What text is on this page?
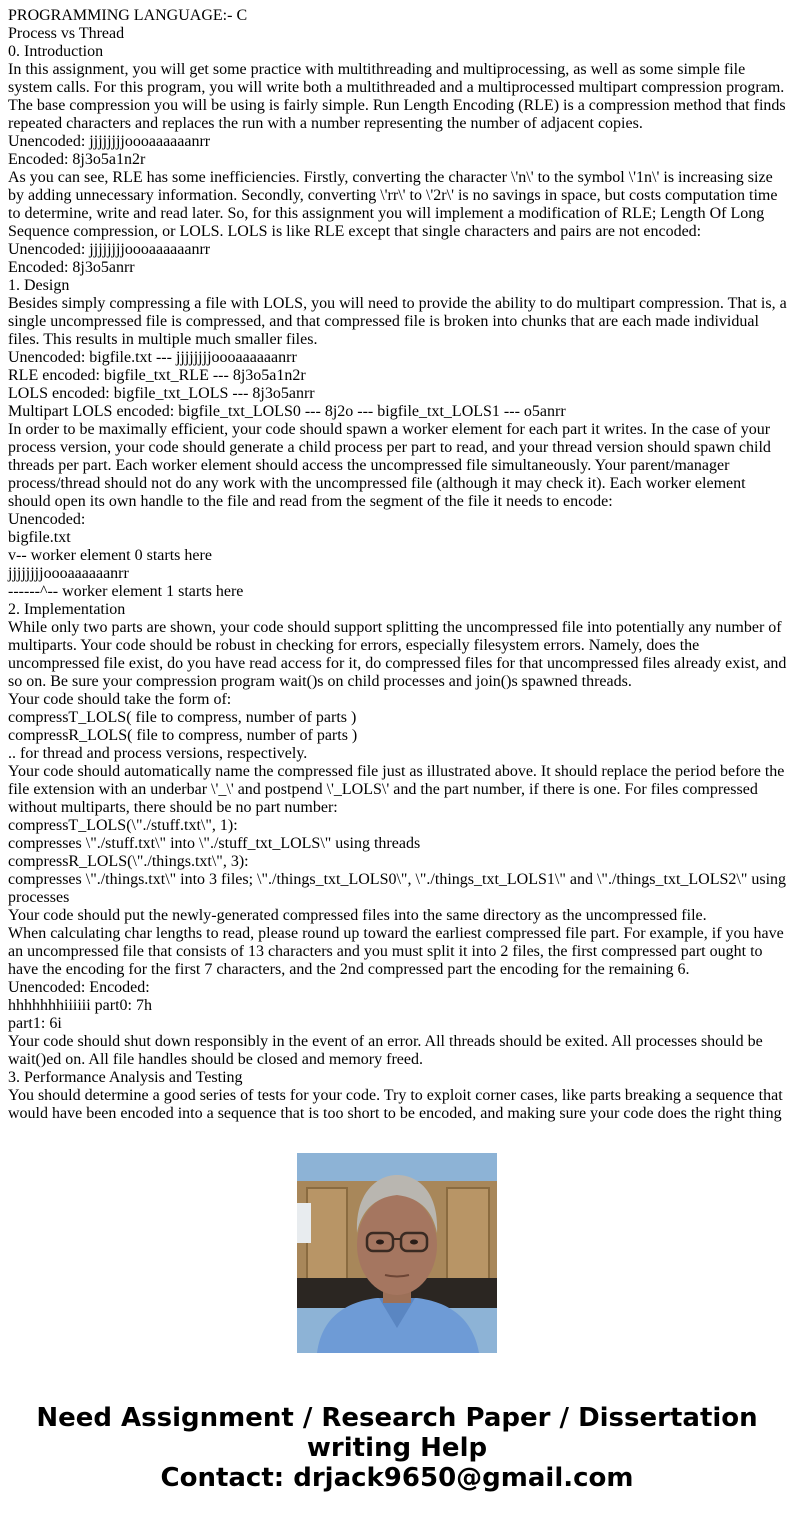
PROGRAMMING LANGUAGE:- C
Process vs Thread
0. Introduction
In this assignment, you will get some practice with multithreading and multiprocessing, as well as some simple file system calls. For this program, you will write both a multithreaded and a multiprocessed multipart compression program. The base compression you will be using is fairly simple. Run Length Encoding (RLE) is a compression method that finds repeated characters and replaces the run with a number representing the number of adjacent copies.
Unencoded: jjjjjjjjoooaaaaaanrr
Encoded: 8j3o5a1n2r
As you can see, RLE has some inefficiencies. Firstly, converting the character \'n\' to the symbol \'1n\' is increasing size by adding unnecessary information. Secondly, converting \'rr\' to \'2r\' is no savings in space, but costs computation time to determine, write and read later. So, for this assignment you will implement a modification of RLE; Length Of Long Sequence compression, or LOLS. LOLS is like RLE except that single characters and pairs are not encoded:
Unencoded: jjjjjjjjoooaaaaaanrr
Encoded: 8j3o5anrr
1. Design
Besides simply compressing a file with LOLS, you will need to provide the ability to do multipart compression. That is, a single uncompressed file is compressed, and that compressed file is broken into chunks that are each made individual files. This results in multiple much smaller files.
Unencoded: bigfile.txt --- jjjjjjjjoooaaaaaanrr
RLE encoded: bigfile_txt_RLE --- 8j3o5a1n2r
LOLS encoded: bigfile_txt_LOLS --- 8j3o5anrr
Multipart LOLS encoded: bigfile_txt_LOLS0 --- 8j2o --- bigfile_txt_LOLS1 --- o5anrr
In order to be maximally efficient, your code should spawn a worker element for each part it writes. In the case of your process version, your code should generate a child process per part to read, and your thread version should spawn child threads per part. Each worker element should access the uncompressed file simultaneously. Your parent/manager process/thread should not do any work with the uncompressed file (although it may check it). Each worker element should open its own handle to the file and read from the segment of the file it needs to encode:
Unencoded:
bigfile.txt
v-- worker element 0 starts here
jjjjjjjjoooaaaaaanrr
------^-- worker element 1 starts here
2. Implementation
While only two parts are shown, your code should support splitting the uncompressed file into potentially any number of multiparts. Your code should be robust in checking for errors, especially filesystem errors. Namely, does the uncompressed file exist, do you have read access for it, do compressed files for that uncompressed files already exist, and so on. Be sure your compression program wait()s on child processes and join()s spawned threads.
Your code should take the form of:
compressT_LOLS( file to compress, number of parts )
compressR_LOLS( file to compress, number of parts )
.. for thread and process versions, respectively.
Your code should automatically name the compressed file just as illustrated above. It should replace the period before the file extension with an underbar \'_\' and postpend \'_LOLS\' and the part number, if there is one. For files compressed without multiparts, there should be no part number:
compressT_LOLS(\"./stuff.txt\", 1):
compresses \"./stuff.txt\" into \"./stuff_txt_LOLS\" using threads
compressR_LOLS(\"./things.txt\", 3):
compresses \"./things.txt\" into 3 files; \"./things_txt_LOLS0\", \"./things_txt_LOLS1\" and \"./things_txt_LOLS2\" using processes
Your code should put the newly-generated compressed files into the same directory as the uncompressed file.
When calculating char lengths to read, please round up toward the earliest compressed file part. For example, if you have an uncompressed file that consists of 13 characters and you must split it into 2 files, the first compressed part ought to have the encoding for the first 7 characters, and the 2nd compressed part the encoding for the remaining 6.
Unencoded: Encoded:
hhhhhhhiiiiii part0: 7h
part1: 6i
Your code should shut down responsibly in the event of an error. All threads should be exited. All processes should be wait()ed on. All file handles should be closed and memory freed.
3. Performance Analysis and Testing
You should determine a good series of tests for your code. Try to exploit corner cases, like parts breaking a sequence that would have been encoded into a sequence that is too short to be encoded, and making sure your code does the right thing
Need Assignment / Research Paper / Dissertation
writing Help
Contact: drjack9650@gmail.com
